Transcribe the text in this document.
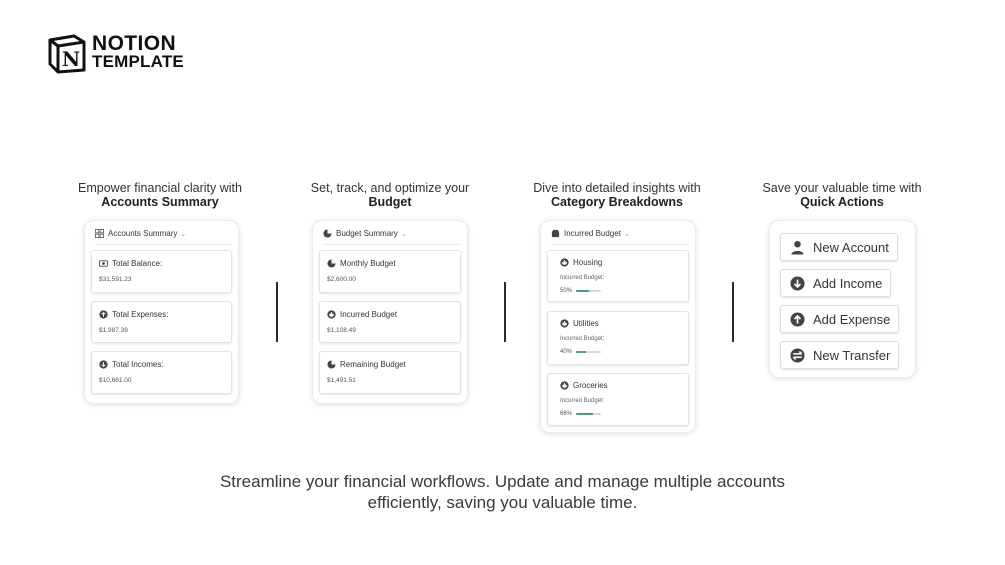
N
NOTION
TEMPLATE
Empower financial clarity with
Accounts Summary
Accounts Summary ⌄
Total Balance:
$31,591.23
Total Expenses:
$1,987.39
Total Incomes:
$10,661.00
Set, track, and optimize your
Budget
Budget Summary ⌄
Monthly Budget
$2,600.00
Incurred Budget
$1,108.49
Remaining Budget
$1,491.51
Dive into detailed insights with
Category Breakdowns
Incurred Budget ⌄
Housing
Incurred Budget:
50%
Utilities
Incurred Budget:
40%
Groceries
Incurred Budget:
66%
Save your valuable time with
Quick Actions
New Account
Add Income
Add Expense
New Transfer
Streamline your financial workflows. Update and manage multiple accounts
efficiently, saving you valuable time.
